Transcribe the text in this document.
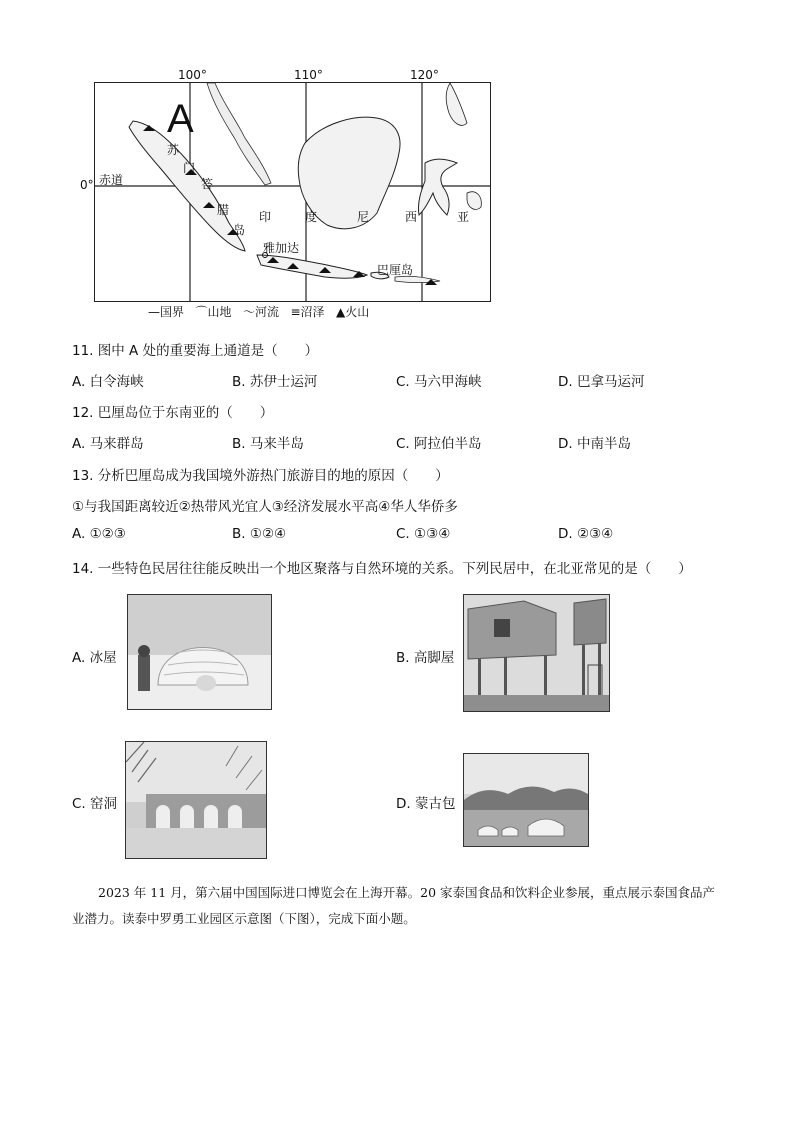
100°	110°	120°
0°
A
赤道
苏
门
答
腊
岛
印	度	尼	西	亚
雅加达
巴厘岛
—国界 ⌒山地 〜河流 ≡沼泽 ▲火山
11. 图中 A 处的重要海上通道是（　　）
A. 白令海峡	B. 苏伊士运河	C. 马六甲海峡	D. 巴拿马运河
12. 巴厘岛位于东南亚的（　　）
A. 马来群岛	B. 马来半岛	C. 阿拉伯半岛	D. 中南半岛
13. 分析巴厘岛成为我国境外游热门旅游目的地的原因（　　）
①与我国距离较近②热带风光宜人③经济发展水平高④华人华侨多
A. ①②③	B. ①②④	C. ①③④	D. ②③④
14. 一些特色民居往往能反映出一个地区聚落与自然环境的关系。下列民居中，在北亚常见的是（　　）
A. 冰屋	B. 高脚屋
C. 窑洞	D. 蒙古包
2023 年 11 月，第六届中国国际进口博览会在上海开幕。20 家泰国食品和饮料企业参展，重点展示泰国食品产业潜力。读泰中罗勇工业园区示意图（下图），完成下面小题。
